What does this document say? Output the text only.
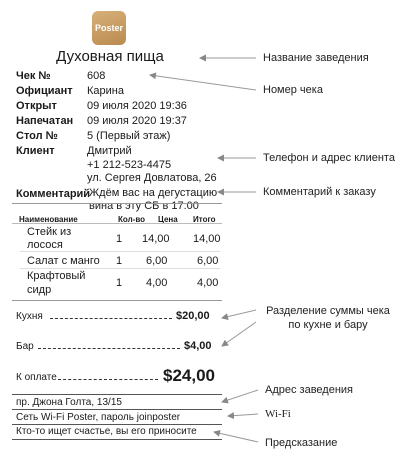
Poster
Духовная пища
Чек №	608
Официант Карина
Открыт	09 июля 2020 19:36
Напечатан 09 июля 2020 19:37
Стол №	5 (Первый этаж)
Клиент	Дмитрий
+1 212-523-4475
ул. Сергея Довлатова, 26
Комментарий
Ждём вас на дегустацию
вина в эту СБ в 17:00
Наименование	Кол-во Цена Итого
Стейк из
лосося	1 14,00 14,00
Салат с манго 1 6,00	6,00
Крафтовый
сидр
1 4,00	4,00
Кухня	$20,00
Бар	$4,00
К оплате	$24,00
пр. Джона Голта, 13/15
Сеть Wi-Fi Poster, пароль joinposter
Кто-то ищет счастье, вы его приносите
Название заведения
Номер чека
Телефон и адрес клиента
Комментарий к заказу
Разделение суммы чека
по кухне и бару
Адрес заведения
Wi-Fi
Предсказание
